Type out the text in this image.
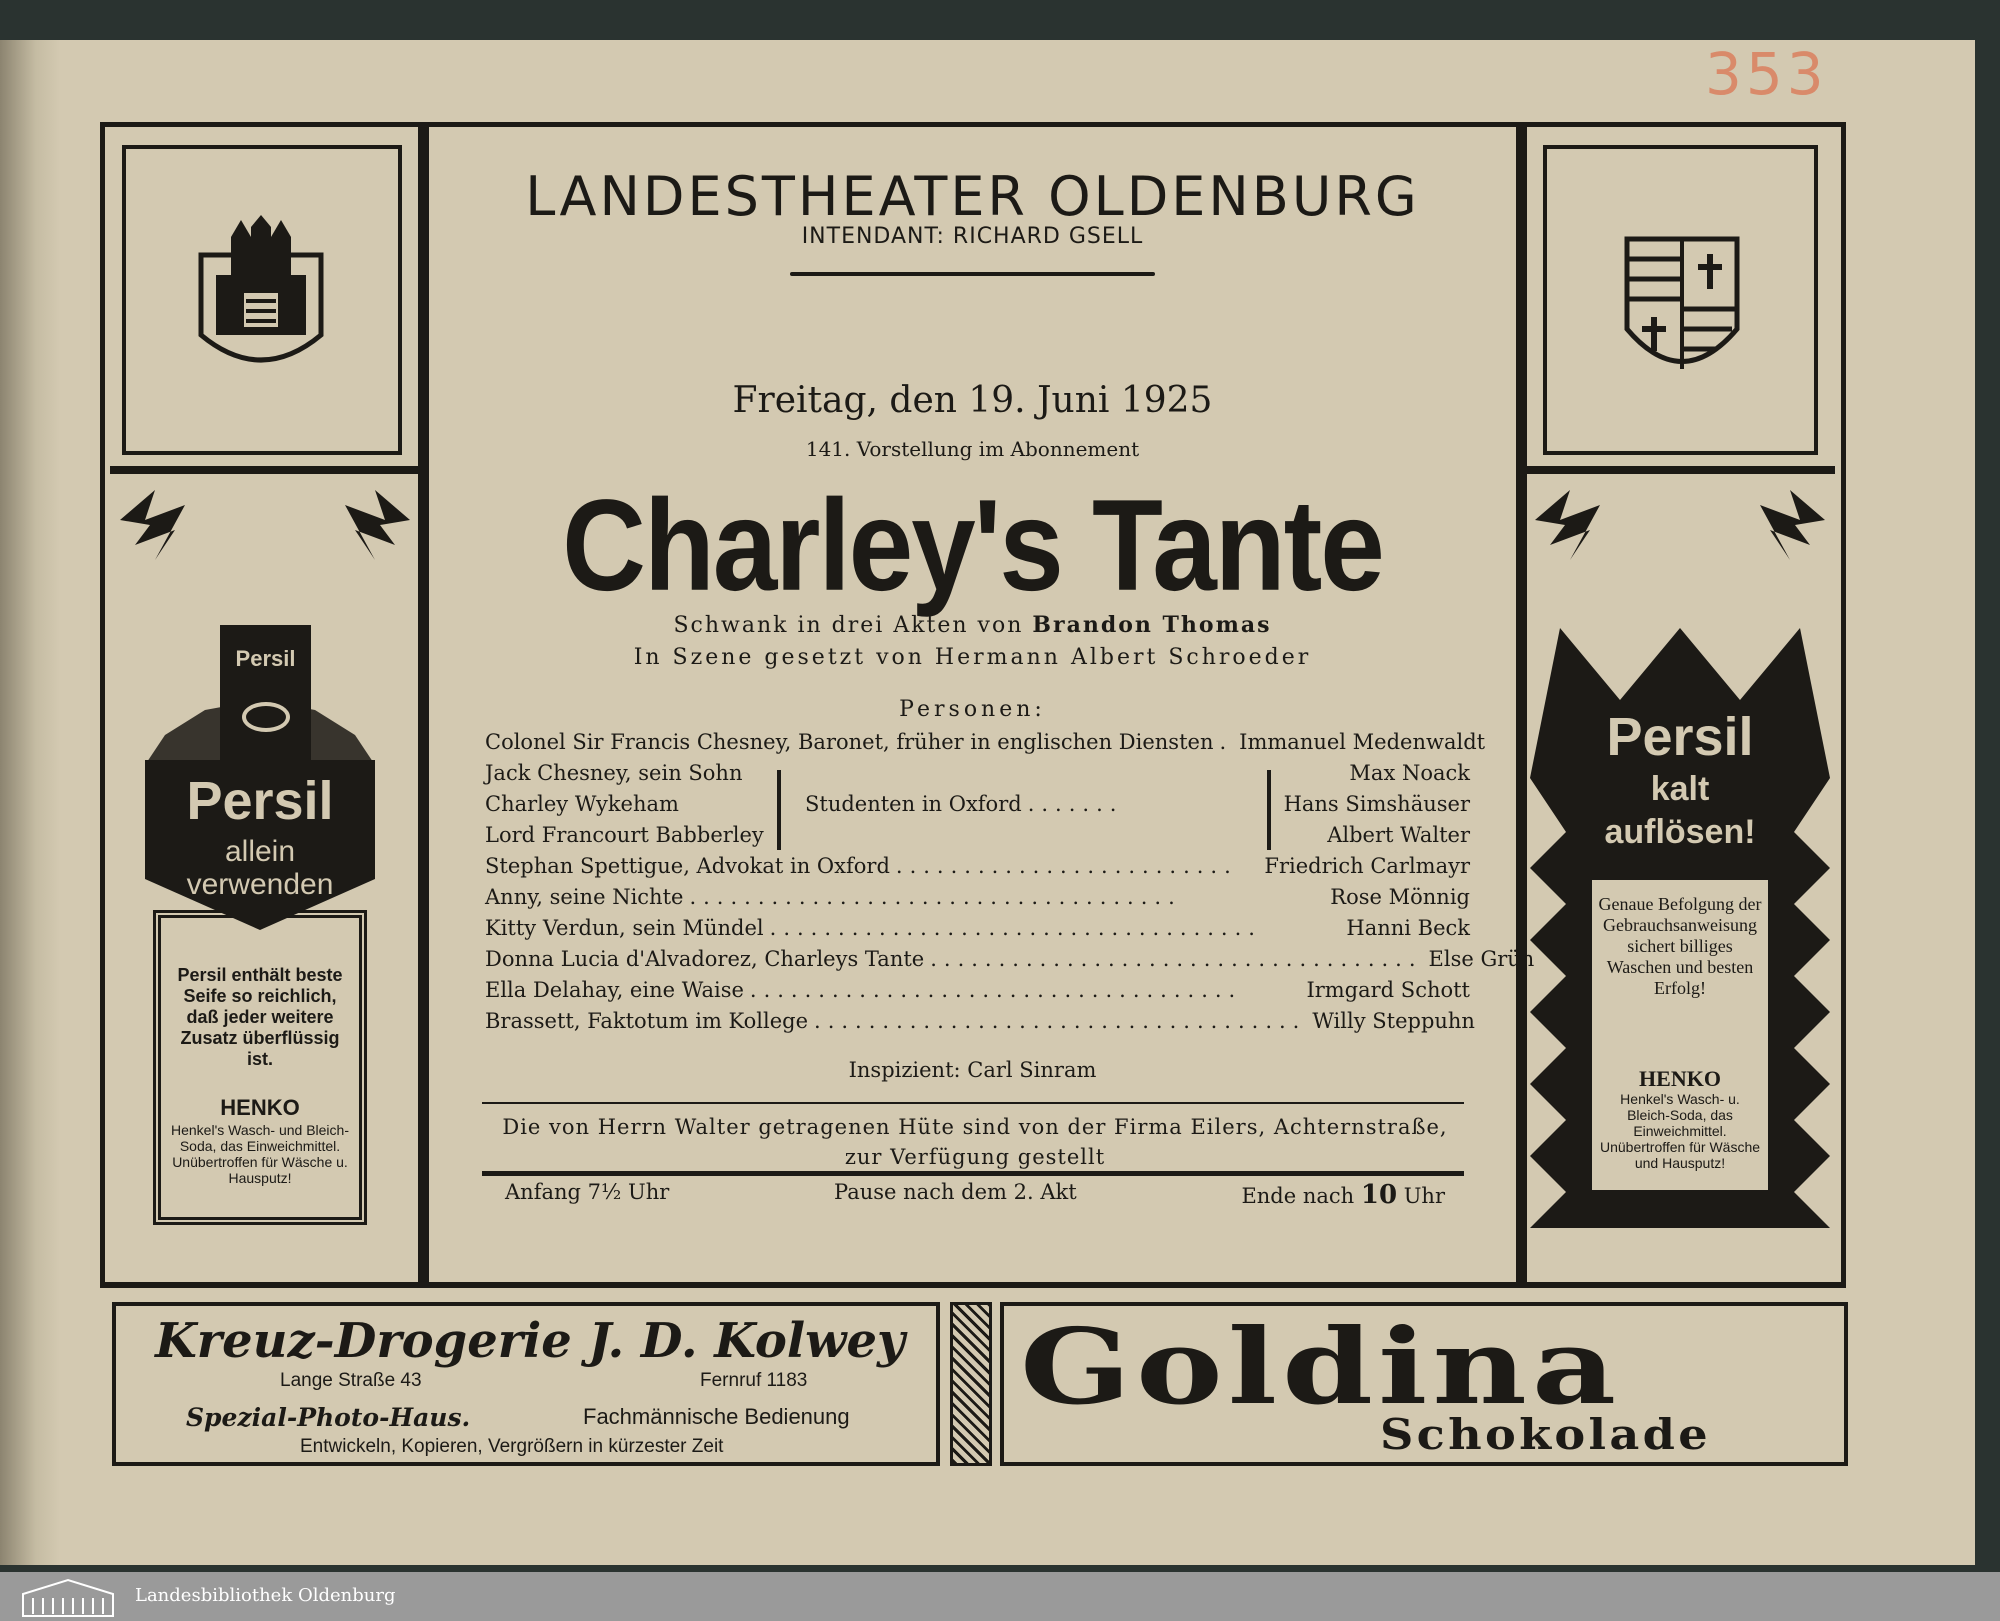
353
LANDESTHEATER OLDENBURG
INTENDANT: RICHARD GSELL
Freitag, den 19. Juni 1925
141. Vorstellung im Abonnement
Charley's Tante
Schwank in drei Akten von Brandon Thomas
In Szene gesetzt von Hermann Albert Schroeder
Personen:
Colonel Sir Francis Chesney, Baronet, früher in englischen Diensten . Immanuel Medenwaldt
Jack Chesney, sein Sohn	Max Noack
Charley Wykeham	Studenten in Oxford .......	Hans Simshäuser
Lord Francourt Babberley	Albert Walter
Stephan Spettigue, Advokat in Oxford .........................	Friedrich Carlmayr
Anny, seine Nichte ....................................	Rose Mönnig
Kitty Verdun, sein Mündel ....................................	Hanni Beck
Donna Lucia d'Alvadorez, Charleys Tante .................................... Else Grün
Ella Delahay, eine Waise ....................................	Irmgard Schott
Brassett, Faktotum im Kollege .................................... Willy Steppuhn
Inspizient: Carl Sinram
Die von Herrn Walter getragenen Hüte sind von der Firma Eilers, Achternstraße, zur Verfügung gestellt
Anfang 7½ Uhr	Pause nach dem 2. Akt	Ende nach 10 Uhr
Persil
Persil
allein
verwenden
Persil enthält beste Seife so reichlich, daß jeder weitere Zusatz überflüssig ist.
HENKO
Henkel's Wasch- und Bleich-Soda, das Einweichmittel. Unübertroffen für Wäsche u. Hausputz!
Persil
kalt
auflösen!
Genaue Befolgung der Gebrauchsanweisung sichert billiges Waschen und besten Erfolg!
HENKO
Henkel's Wasch- u. Bleich-Soda, das Einweichmittel. Unübertroffen für Wäsche und Hausputz!
Kreuz-Drogerie J. D. Kolwey
Lange Straße 43	Fernruf 1183
Spezial-Photo-Haus.	Fachmännische Bedienung
Entwickeln, Kopieren, Vergrößern in kürzester Zeit
Goldina
Schokolade
Landesbibliothek Oldenburg
